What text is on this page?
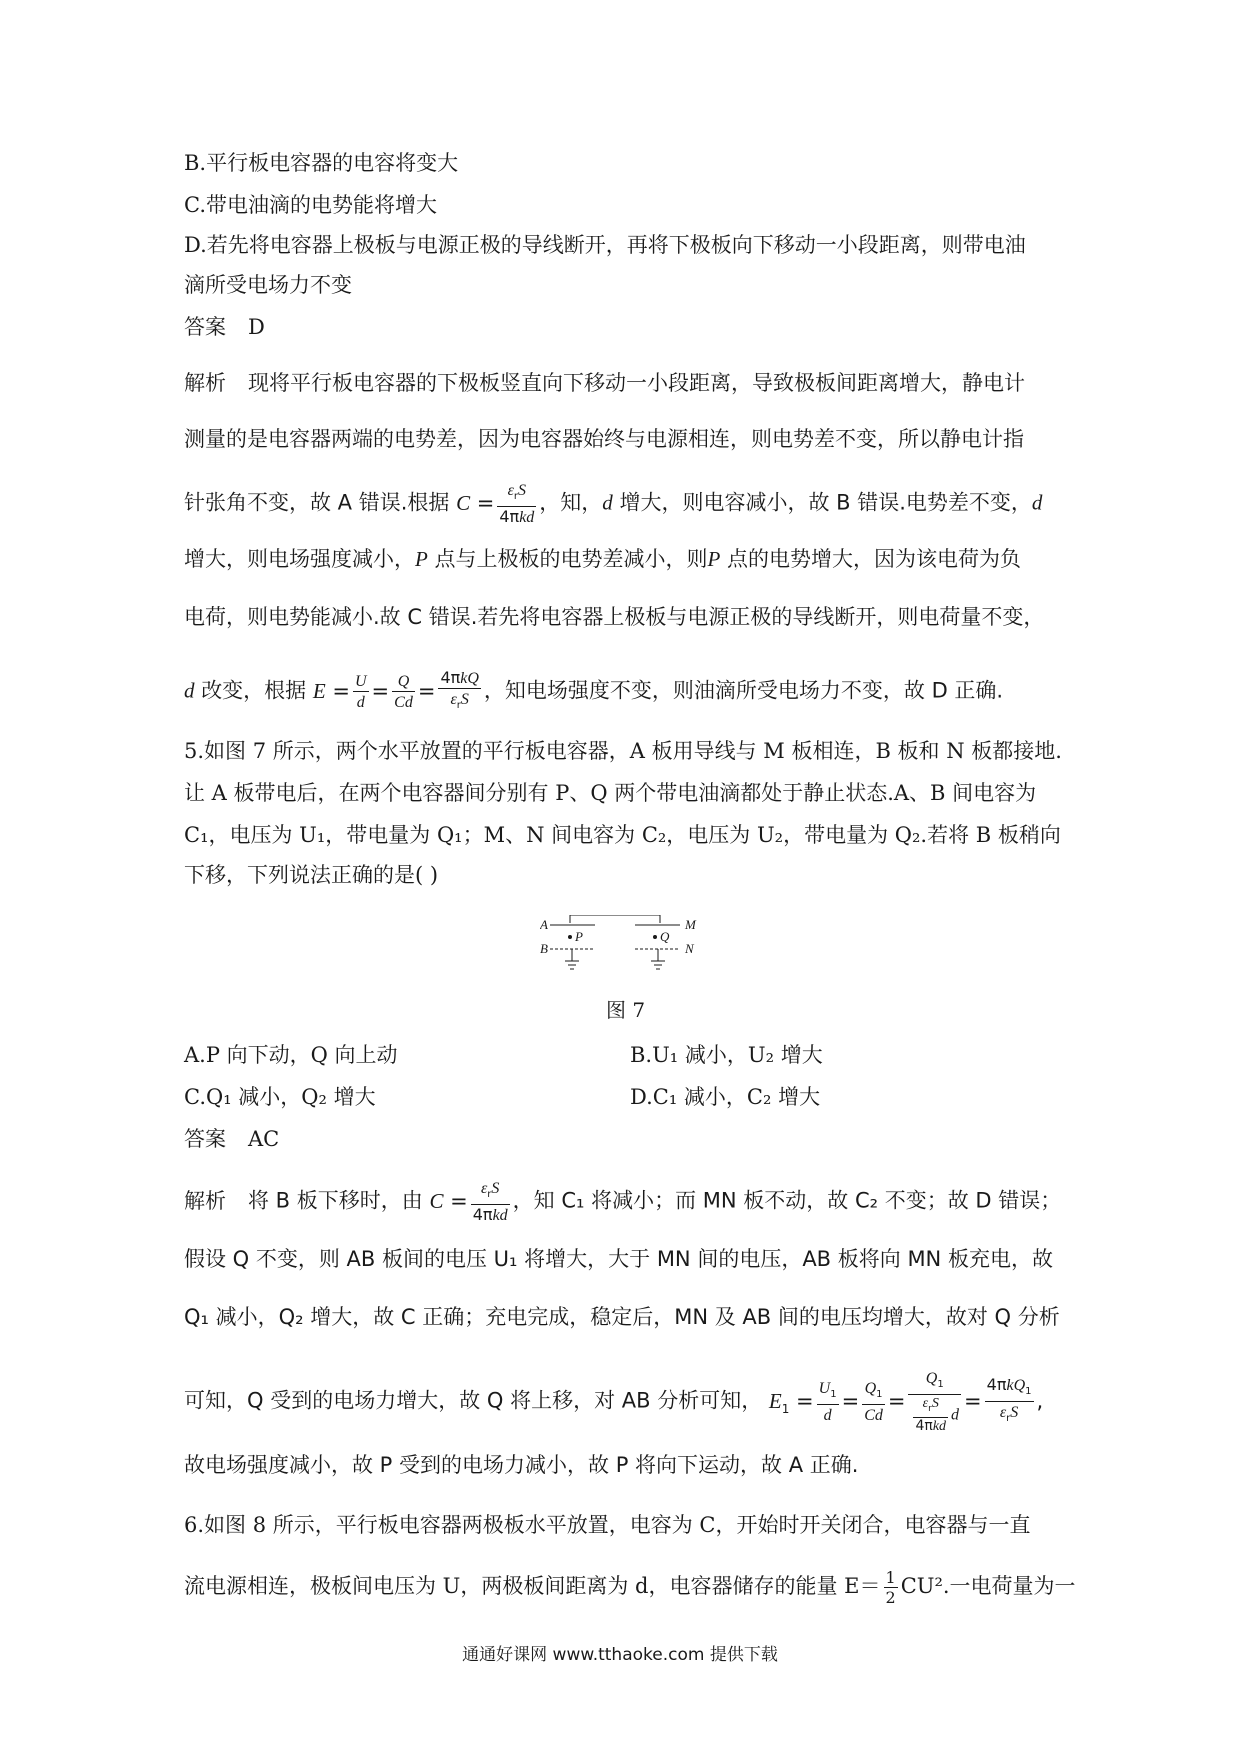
B.平行板电容器的电容将变大
C.带电油滴的电势能将增大
D.若先将电容器上极板与电源正极的导线断开，再将下极板向下移动一小段距离，则带电油
滴所受电场力不变
答案 D
解析 现将平行板电容器的下极板竖直向下移动一小段距离，导致极板间距离增大，静电计
测量的是电容器两端的电势差，因为电容器始终与电源相连，则电势差不变，所以静电计指
针张角不变，故 A 错误.根据 $C = \frac{\varepsilon_rS}{\text{4πkd}}$ ，知，d 增大，则电容减小，故 B 错误.电势差不变，d
增大，则电场强度减小，P 点与上极板的电势差减小，则P 点的电势增大，因为该电荷为负
电荷，则电势能减小.故 C 错误.若先将电容器上极板与电源正极的导线断开，则电荷量不变，
d 改变，根据 $E = \frac{U}{d} = \frac{Q}{Cd} = \frac{\text{4πkQ}}{\varepsilon_rS}$ ，知电场强度不变，则油滴所受电场力不变，故 D 正确.
5.如图 7 所示，两个水平放置的平行板电容器，A 板用导线与 M 板相连，B 板和 N 板都接地.
让 A 板带电后，在两个电容器间分别有 P、Q 两个带电油滴都处于静止状态.A、B 间电容为
C₁，电压为 U₁，带电量为 Q₁；M、N 间电容为 C₂，电压为 U₂，带电量为 Q₂.若将 B 板稍向
下移，下列说法正确的是( )
A
B
P	Q
M
N
图 7
A.P 向下动，Q 向上动	B.U₁ 减小，U₂ 增大
C.Q₁ 减小，Q₂ 增大	D.C₁ 减小，C₂ 增大
答案 AC
解析 将 B 板下移时，由 $C = \frac{\varepsilon_rS}{\text{4πkd}}$ ，知 C₁ 将减小；而 MN 板不动，故 C₂ 不变；故 D 错误；
假设 Q 不变，则 AB 板间的电压 U₁ 将增大，大于 MN 间的电压，AB 板将向 MN 板充电，故
Q₁ 减小，Q₂ 增大，故 C 正确；充电完成，稳定后，MN 及 AB 间的电压均增大，故对 Q 分析
可知，Q 受到的电场力增大，故 Q 将上移，对 AB 分析可知， $E_1 = \frac{U_1}{d} = \frac{Q_1}{Cd} = \frac{Q_1}{\frac{\varepsilon_rS}{\text{4πkd}} d} = \frac{4\pi kQ_1}{\varepsilon_rS}$ ,
故电场强度减小，故 P 受到的电场力减小，故 P 将向下运动，故 A 正确.
6.如图 8 所示，平行板电容器两极板水平放置，电容为 C，开始时开关闭合，电容器与一直
流电源相连，极板间电压为 U，两极板间距离为 d，电容器储存的能量 $E= \frac{1}{2} CU^2$.一电荷量为一
通通好课网 www.tthaoke.com 提供下载
